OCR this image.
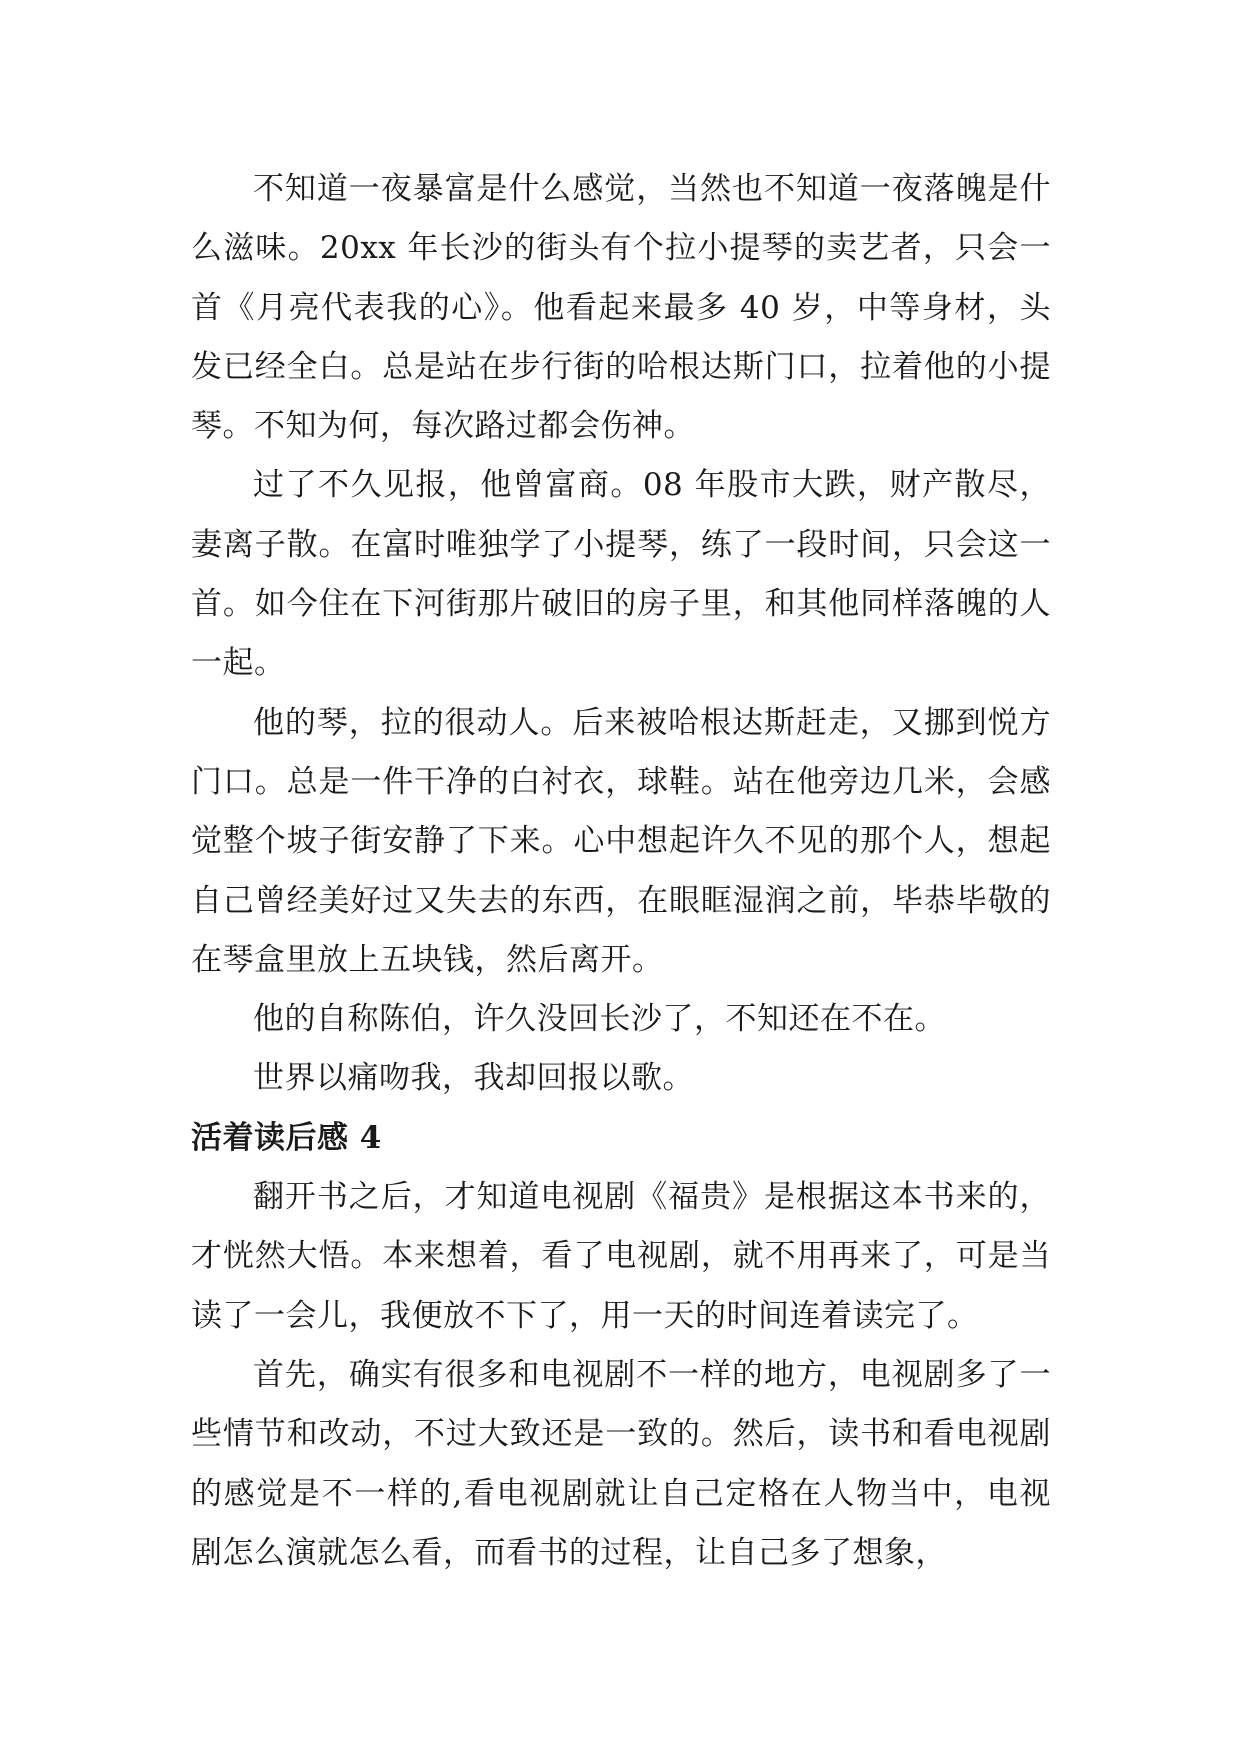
不知道一夜暴富是什么感觉，当然也不知道一夜落魄是什么滋味。20xx 年长沙的街头有个拉小提琴的卖艺者，只会一首《月亮代表我的心》。他看起来最多 40 岁，中等身材，头发已经全白。总是站在步行街的哈根达斯门口，拉着他的小提琴。不知为何，每次路过都会伤神。

过了不久见报，他曾富商。08 年股市大跌，财产散尽，妻离子散。在富时唯独学了小提琴，练了一段时间，只会这一首。如今住在下河街那片破旧的房子里，和其他同样落魄的人一起。

他的琴，拉的很动人。后来被哈根达斯赶走，又挪到悦方门口。总是一件干净的白衬衣，球鞋。站在他旁边几米，会感觉整个坡子街安静了下来。心中想起许久不见的那个人，想起自己曾经美好过又失去的东西，在眼眶湿润之前，毕恭毕敬的在琴盒里放上五块钱，然后离开。

他的自称陈伯，许久没回长沙了，不知还在不在。

世界以痛吻我，我却回报以歌。

活着读后感 4

翻开书之后，才知道电视剧《福贵》是根据这本书来的，才恍然大悟。本来想着，看了电视剧，就不用再来了，可是当读了一会儿，我便放不下了，用一天的时间连着读完了。

首先，确实有很多和电视剧不一样的地方，电视剧多了一些情节和改动，不过大致还是一致的。然后，读书和看电视剧的感觉是不一样的,看电视剧就让自己定格在人物当中，电视剧怎么演就怎么看，而看书的过程，让自己多了想象，
